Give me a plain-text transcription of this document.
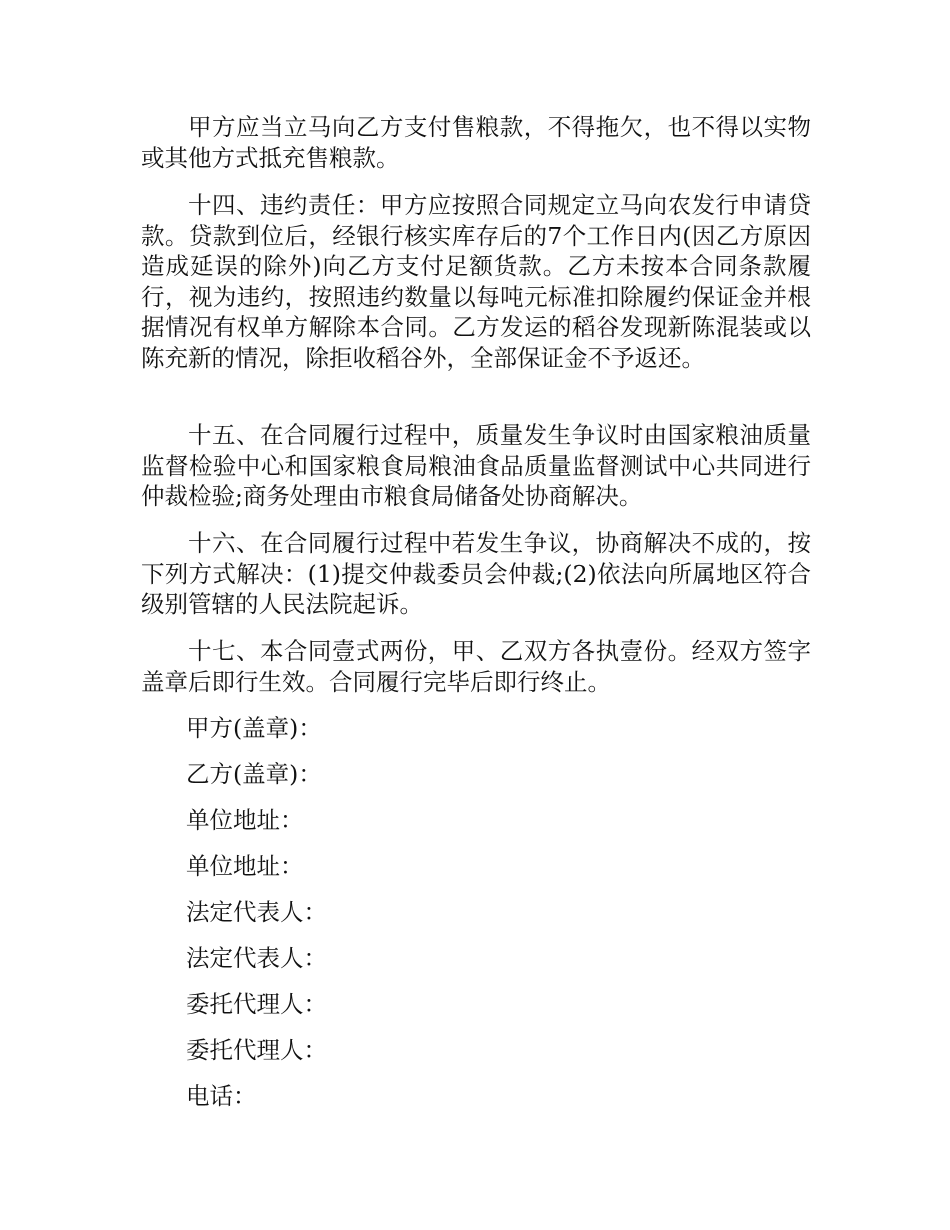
甲方应当立马向乙方支付售粮款，不得拖欠，也不得以实物或其他方式抵充售粮款。

十四、违约责任：甲方应按照合同规定立马向农发行申请贷款。贷款到位后，经银行核实库存后的7个工作日内(因乙方原因造成延误的除外)向乙方支付足额货款。乙方未按本合同条款履行，视为违约，按照违约数量以每吨元标准扣除履约保证金并根据情况有权单方解除本合同。乙方发运的稻谷发现新陈混装或以陈充新的情况，除拒收稻谷外，全部保证金不予返还。

十五、在合同履行过程中，质量发生争议时由国家粮油质量监督检验中心和国家粮食局粮油食品质量监督测试中心共同进行仲裁检验;商务处理由市粮食局储备处协商解决。

十六、在合同履行过程中若发生争议，协商解决不成的，按下列方式解决：(1)提交仲裁委员会仲裁;(2)依法向所属地区符合级别管辖的人民法院起诉。

十七、本合同壹式两份，甲、乙双方各执壹份。经双方签字盖章后即行生效。合同履行完毕后即行终止。

甲方(盖章)：
乙方(盖章)：
单位地址：
单位地址：
法定代表人：
法定代表人：
委托代理人：
委托代理人：
电话：
